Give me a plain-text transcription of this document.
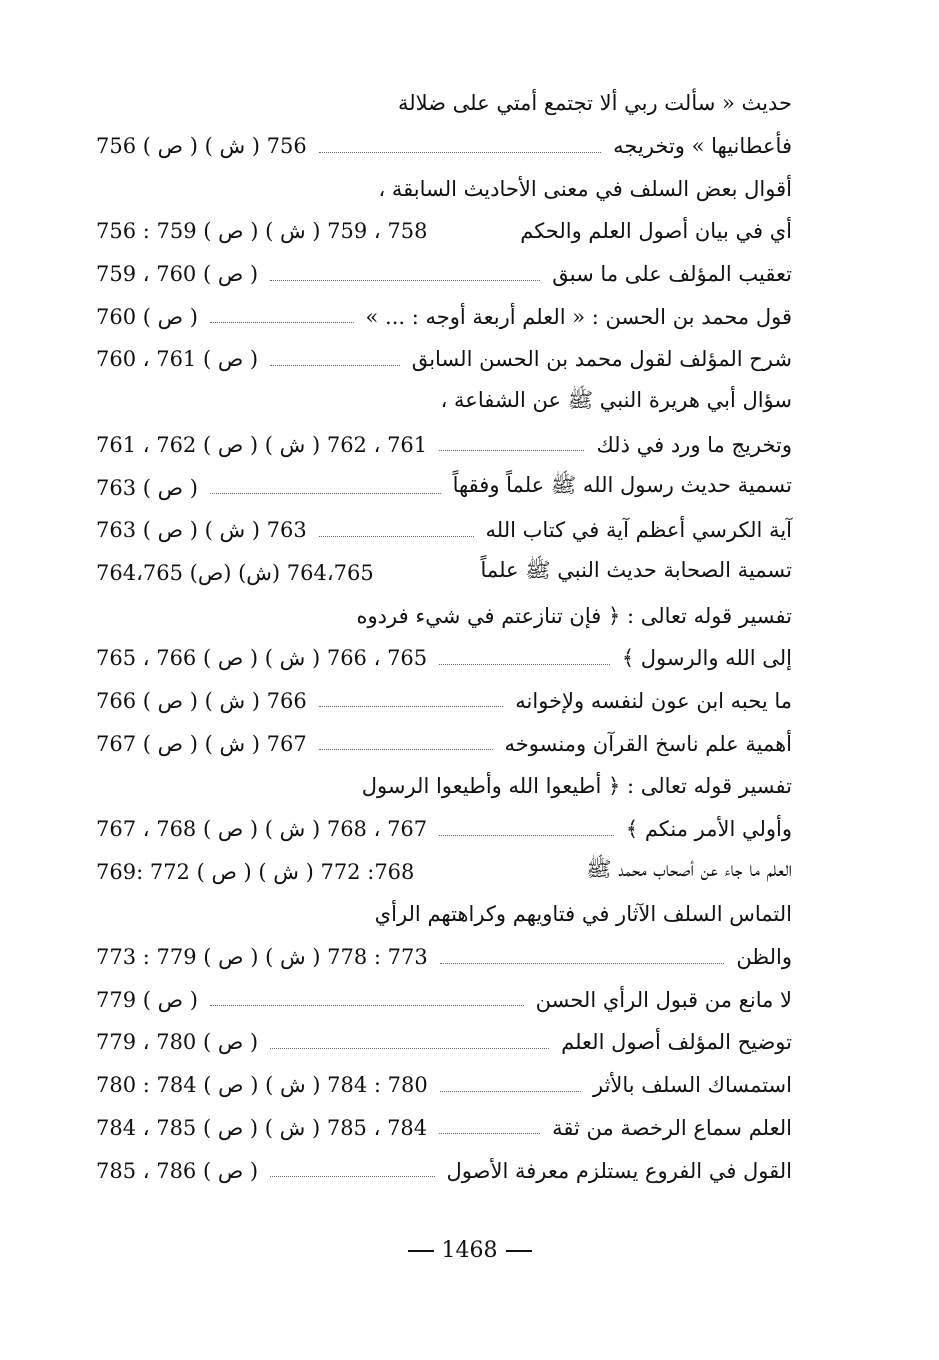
حديث « سألت ربي ألا تجتمع أمتي على ضلالة
فأعطانيها » وتخريجه
756 ( ص ) 756 ( ش )
أقوال بعض السلف في معنى الأحاديث السابقة ،
أي في بيان أصول العلم والحكم
756 : 759 ( ص ) 758 ، 759 ( ش )
تعقيب المؤلف على ما سبق
759 ، 760 ( ص )
قول محمد بن الحسن : « العلم أربعة أوجه : ... »
760 ( ص )
شرح المؤلف لقول محمد بن الحسن السابق
760 ، 761 ( ص )
سؤال أبي هريرة النبي ﷺ عن الشفاعة ،
وتخريج ما ورد في ذلك
761 ، 762 ( ص ) 761 ، 762 ( ش )
تسمية حديث رسول الله ﷺ علماً وفقهاً
763 ( ص )
آية الكرسي أعظم آية في كتاب الله
763 ( ص ) 763 ( ش )
تسمية الصحابة حديث النبي ﷺ علماً
764،765 (ص) 764،765 (ش)
تفسير قوله تعالى : ﴿ فإن تنازعتم في شيء فردوه
إلى الله والرسول ﴾
765 ، 766 ( ص ) 765 ، 766 ( ش )
ما يحبه ابن عون لنفسه ولإخوانه
766 ( ص ) 766 ( ش )
أهمية علم ناسخ القرآن ومنسوخه
767 ( ص ) 767 ( ش )
تفسير قوله تعالى : ﴿ أطيعوا الله وأطيعوا الرسول
وأولي الأمر منكم ﴾
767 ، 768 ( ص ) 767 ، 768 ( ش )
العلم ما جاء عن أصحاب محمد ﷺ
769: 772 ( ص ) 768: 772 ( ش )
التماس السلف الآثار في فتاويهم وكراهتهم الرأي
والظن
773 : 779 ( ص ) 773 : 778 ( ش )
لا مانع من قبول الرأي الحسن
779 ( ص )
توضيح المؤلف أصول العلم
779 ، 780 ( ص )
استمساك السلف بالأثر
780 : 784 ( ص ) 780 : 784 ( ش )
العلم سماع الرخصة من ثقة
784 ، 785 ( ص ) 784 ، 785 ( ش )
القول في الفروع يستلزم معرفة الأصول
785 ، 786 ( ص )
1468
